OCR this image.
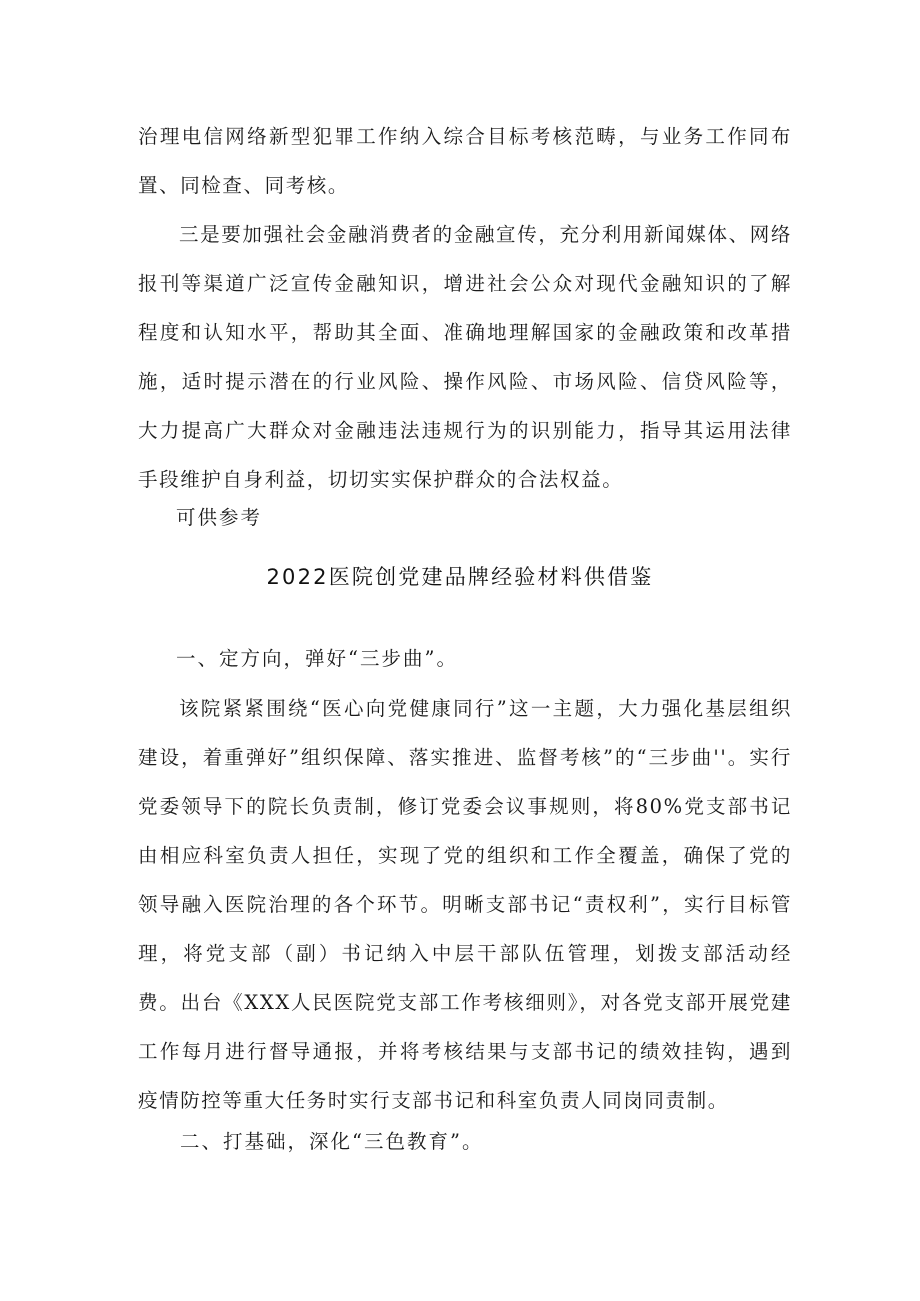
治理电信网络新型犯罪工作纳入综合目标考核范畴，与业务工作同布置、同检查、同考核。

三是要加强社会金融消费者的金融宣传，充分利用新闻媒体、网络报刊等渠道广泛宣传金融知识，增进社会公众对现代金融知识的了解程度和认知水平，帮助其全面、准确地理解国家的金融政策和改革措施，适时提示潜在的行业风险、操作风险、市场风险、信贷风险等，大力提高广大群众对金融违法违规行为的识别能力，指导其运用法律手段维护自身利益，切切实实保护群众的合法权益。

可供参考

2022医院创党建品牌经验材料供借鉴

一、定方向，弹好“三步曲”。

该院紧紧围绕“医心向党健康同行”这一主题，大力强化基层组织建设，着重弹好”组织保障、落实推进、监督考核”的“三步曲''。实行党委领导下的院长负责制，修订党委会议事规则，将80%党支部书记由相应科室负责人担任，实现了党的组织和工作全覆盖，确保了党的领导融入医院治理的各个环节。明晰支部书记“责权利”，实行目标管理，将党支部（副）书记纳入中层干部队伍管理，划拨支部活动经费。出台《XXX人民医院党支部工作考核细则》，对各党支部开展党建工作每月进行督导通报，并将考核结果与支部书记的绩效挂钩，遇到疫情防控等重大任务时实行支部书记和科室负责人同岗同责制。

二、打基础，深化“三色教育”。
